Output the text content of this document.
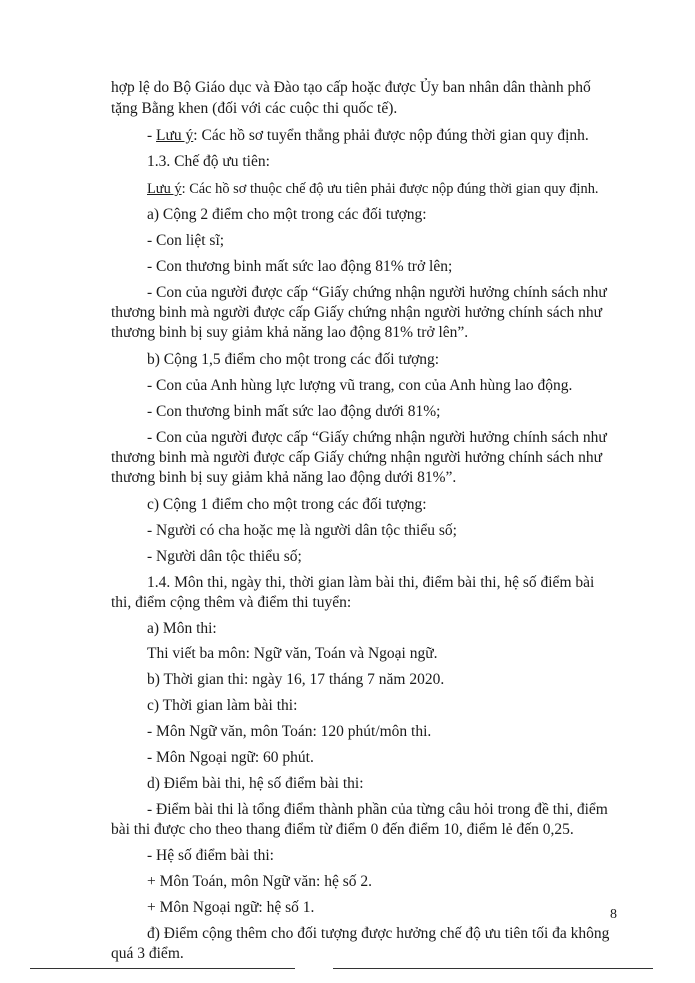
hợp lệ do Bộ Giáo dục và Đào tạo cấp hoặc được Ủy ban nhân dân thành phố

tặng Bằng khen (đối với các cuộc thi quốc tế).

- Lưu ý: Các hồ sơ tuyển thẳng phải được nộp đúng thời gian quy định.

1.3. Chế độ ưu tiên:

Lưu ý: Các hồ sơ thuộc chế độ ưu tiên phải được nộp đúng thời gian quy định.

a) Cộng 2 điểm cho một trong các đối tượng:

- Con liệt sĩ;

- Con thương binh mất sức lao động 81% trở lên;

- Con của người được cấp “Giấy chứng nhận người hưởng chính sách như

thương binh mà người được cấp Giấy chứng nhận người hưởng chính sách như

thương binh bị suy giảm khả năng lao động 81% trở lên”.

b) Cộng 1,5 điểm cho một trong các đối tượng:

- Con của Anh hùng lực lượng vũ trang, con của Anh hùng lao động.

- Con thương binh mất sức lao động dưới 81%;

- Con của người được cấp “Giấy chứng nhận người hưởng chính sách như

thương binh mà người được cấp Giấy chứng nhận người hưởng chính sách như

thương binh bị suy giảm khả năng lao động dưới 81%”.

c) Cộng 1 điểm cho một trong các đối tượng:

- Người có cha hoặc mẹ là người dân tộc thiểu số;

- Người dân tộc thiểu số;

1.4. Môn thi, ngày thi, thời gian làm bài thi, điểm bài thi, hệ số điểm bài

thi, điểm cộng thêm và điểm thi tuyển:

a) Môn thi:

Thi viết ba môn: Ngữ văn, Toán và Ngoại ngữ.

b) Thời gian thi: ngày 16, 17 tháng 7 năm 2020.

c) Thời gian làm bài thi:

- Môn Ngữ văn, môn Toán: 120 phút/môn thi.

- Môn Ngoại ngữ: 60 phút.

d) Điểm bài thi, hệ số điểm bài thi:

- Điểm bài thi là tổng điểm thành phần của từng câu hỏi trong đề thi, điểm

bài thi được cho theo thang điểm từ điểm 0 đến điểm 10, điểm lẻ đến 0,25.

- Hệ số điểm bài thi:

+ Môn Toán, môn Ngữ văn: hệ số 2.

+ Môn Ngoại ngữ: hệ số 1.

đ) Điểm cộng thêm cho đối tượng được hưởng chế độ ưu tiên tối đa không

quá 3 điểm.

8
